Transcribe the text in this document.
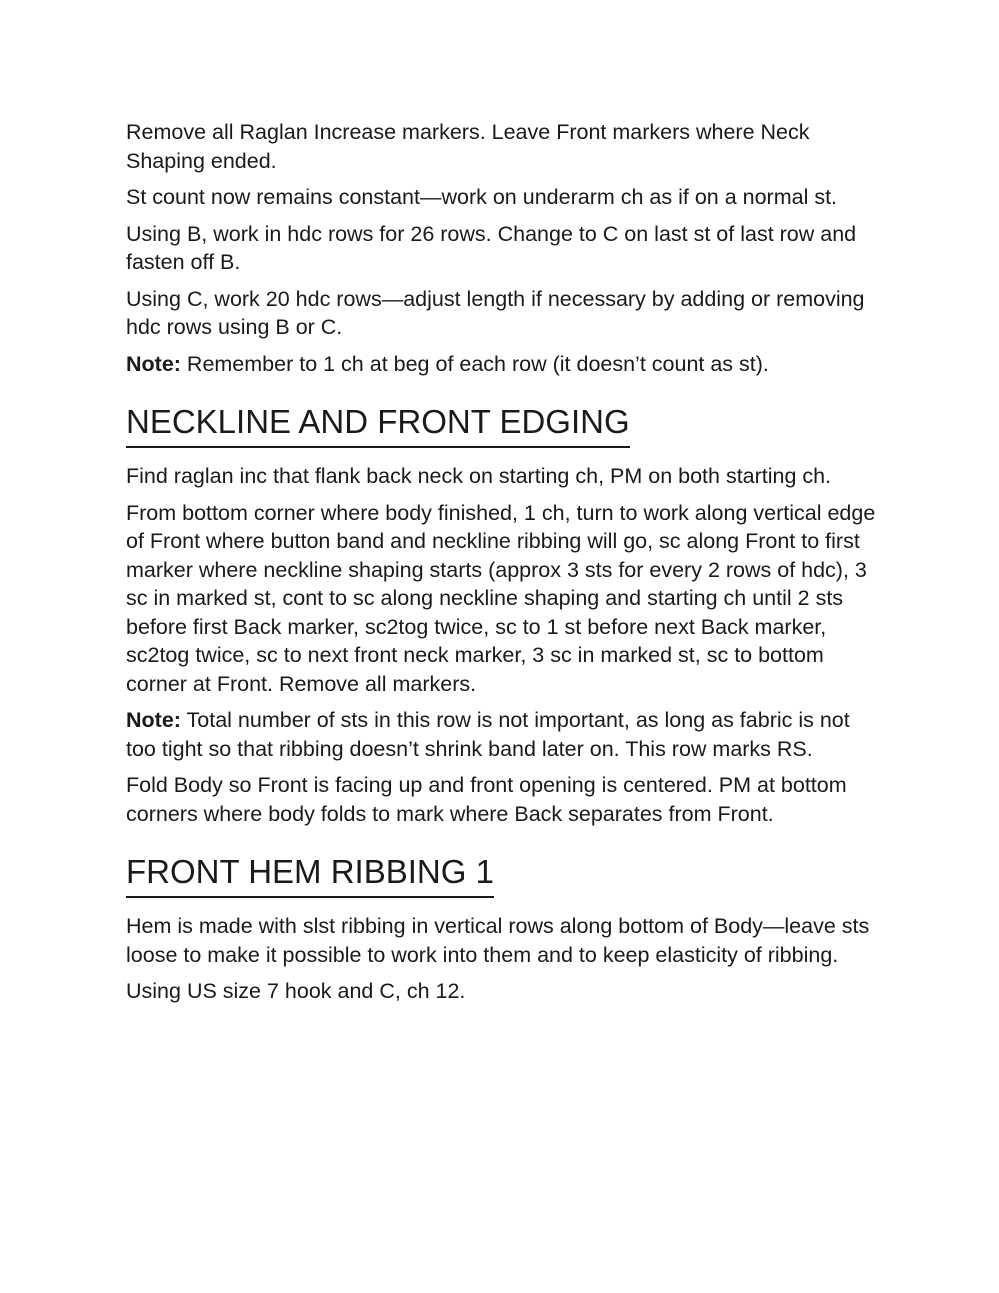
Remove all Raglan Increase markers. Leave Front markers where Neck Shaping ended.

St count now remains constant—work on underarm ch as if on a normal st.

Using B, work in hdc rows for 26 rows. Change to C on last st of last row and fasten off B.

Using C, work 20 hdc rows—adjust length if necessary by adding or removing hdc rows using B or C.

Note: Remember to 1 ch at beg of each row (it doesn’t count as st).

NECKLINE AND FRONT EDGING

Find raglan inc that flank back neck on starting ch, PM on both starting ch.

From bottom corner where body finished, 1 ch, turn to work along vertical edge of Front where button band and neckline ribbing will go, sc along Front to first marker where neckline shaping starts (approx 3 sts for every 2 rows of hdc), 3 sc in marked st, cont to sc along neckline shaping and starting ch until 2 sts before first Back marker, sc2tog twice, sc to 1 st before next Back marker, sc2tog twice, sc to next front neck marker, 3 sc in marked st, sc to bottom corner at Front. Remove all markers.

Note: Total number of sts in this row is not important, as long as fabric is not too tight so that ribbing doesn’t shrink band later on. This row marks RS.

Fold Body so Front is facing up and front opening is centered. PM at bottom corners where body folds to mark where Back separates from Front.

FRONT HEM RIBBING 1

Hem is made with slst ribbing in vertical rows along bottom of Body—leave sts loose to make it possible to work into them and to keep elasticity of ribbing.

Using US size 7 hook and C, ch 12.
